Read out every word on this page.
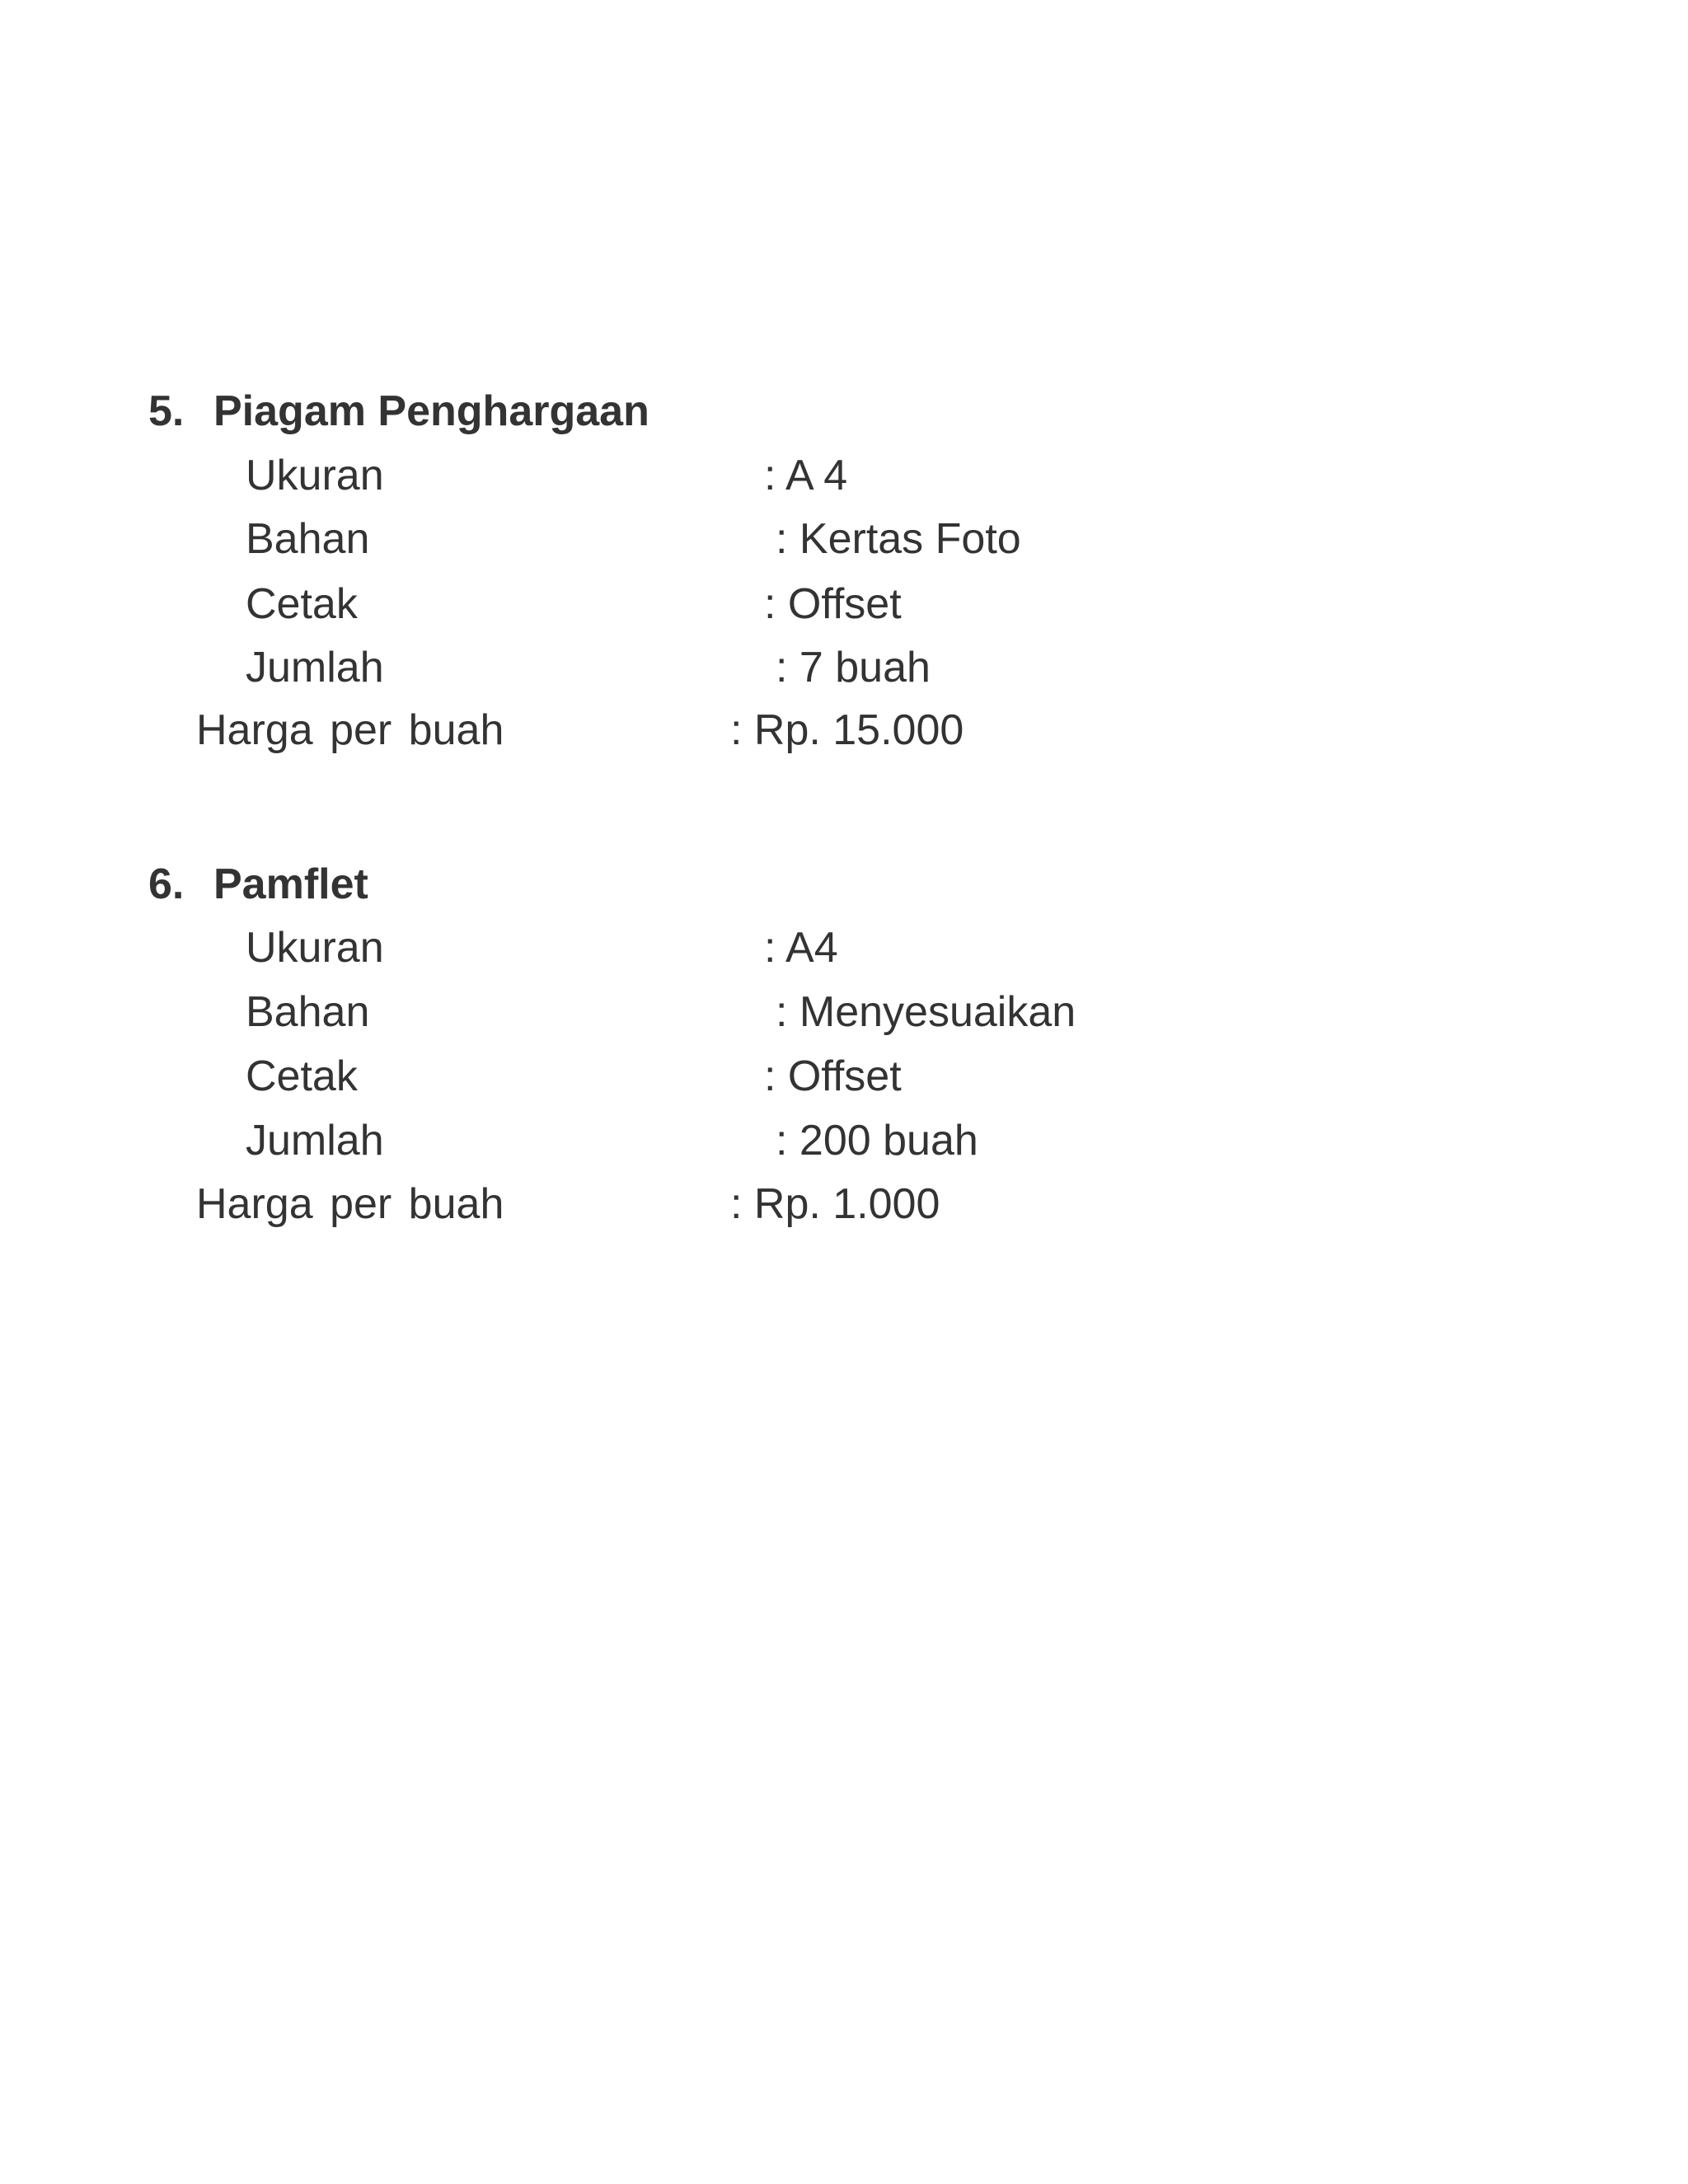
5. Piagam Penghargaan
Ukuran	: A 4
Bahan	: Kertas Foto
Cetak	: Offset
Jumlah	: 7 buah
Harga per buah	: Rp. 15.000
6. Pamflet
Ukuran	: A4
Bahan	: Menyesuaikan
Cetak	: Offset
Jumlah	: 200 buah
Harga per buah	: Rp. 1.000
